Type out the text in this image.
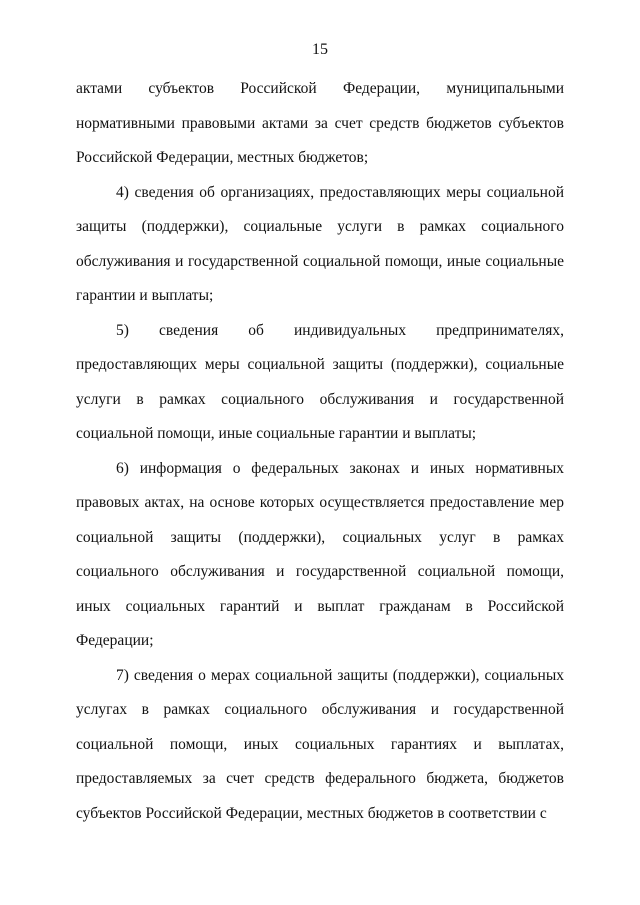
15

актами субъектов Российской Федерации, муниципальными нормативными правовыми актами за счет средств бюджетов субъектов Российской Федерации, местных бюджетов;

4) сведения об организациях, предоставляющих меры социальной защиты (поддержки), социальные услуги в рамках социального обслуживания и государственной социальной помощи, иные социальные гарантии и выплаты;

5) сведения об индивидуальных предпринимателях, предоставляющих меры социальной защиты (поддержки), социальные услуги в рамках социального обслуживания и государственной социальной помощи, иные социальные гарантии и выплаты;

6) информация о федеральных законах и иных нормативных правовых актах, на основе которых осуществляется предоставление мер социальной защиты (поддержки), социальных услуг в рамках социального обслуживания и государственной социальной помощи, иных социальных гарантий и выплат гражданам в Российской Федерации;

7) сведения о мерах социальной защиты (поддержки), социальных услугах в рамках социального обслуживания и государственной социальной помощи, иных социальных гарантиях и выплатах, предоставляемых за счет средств федерального бюджета, бюджетов субъектов Российской Федерации, местных бюджетов в соответствии с
